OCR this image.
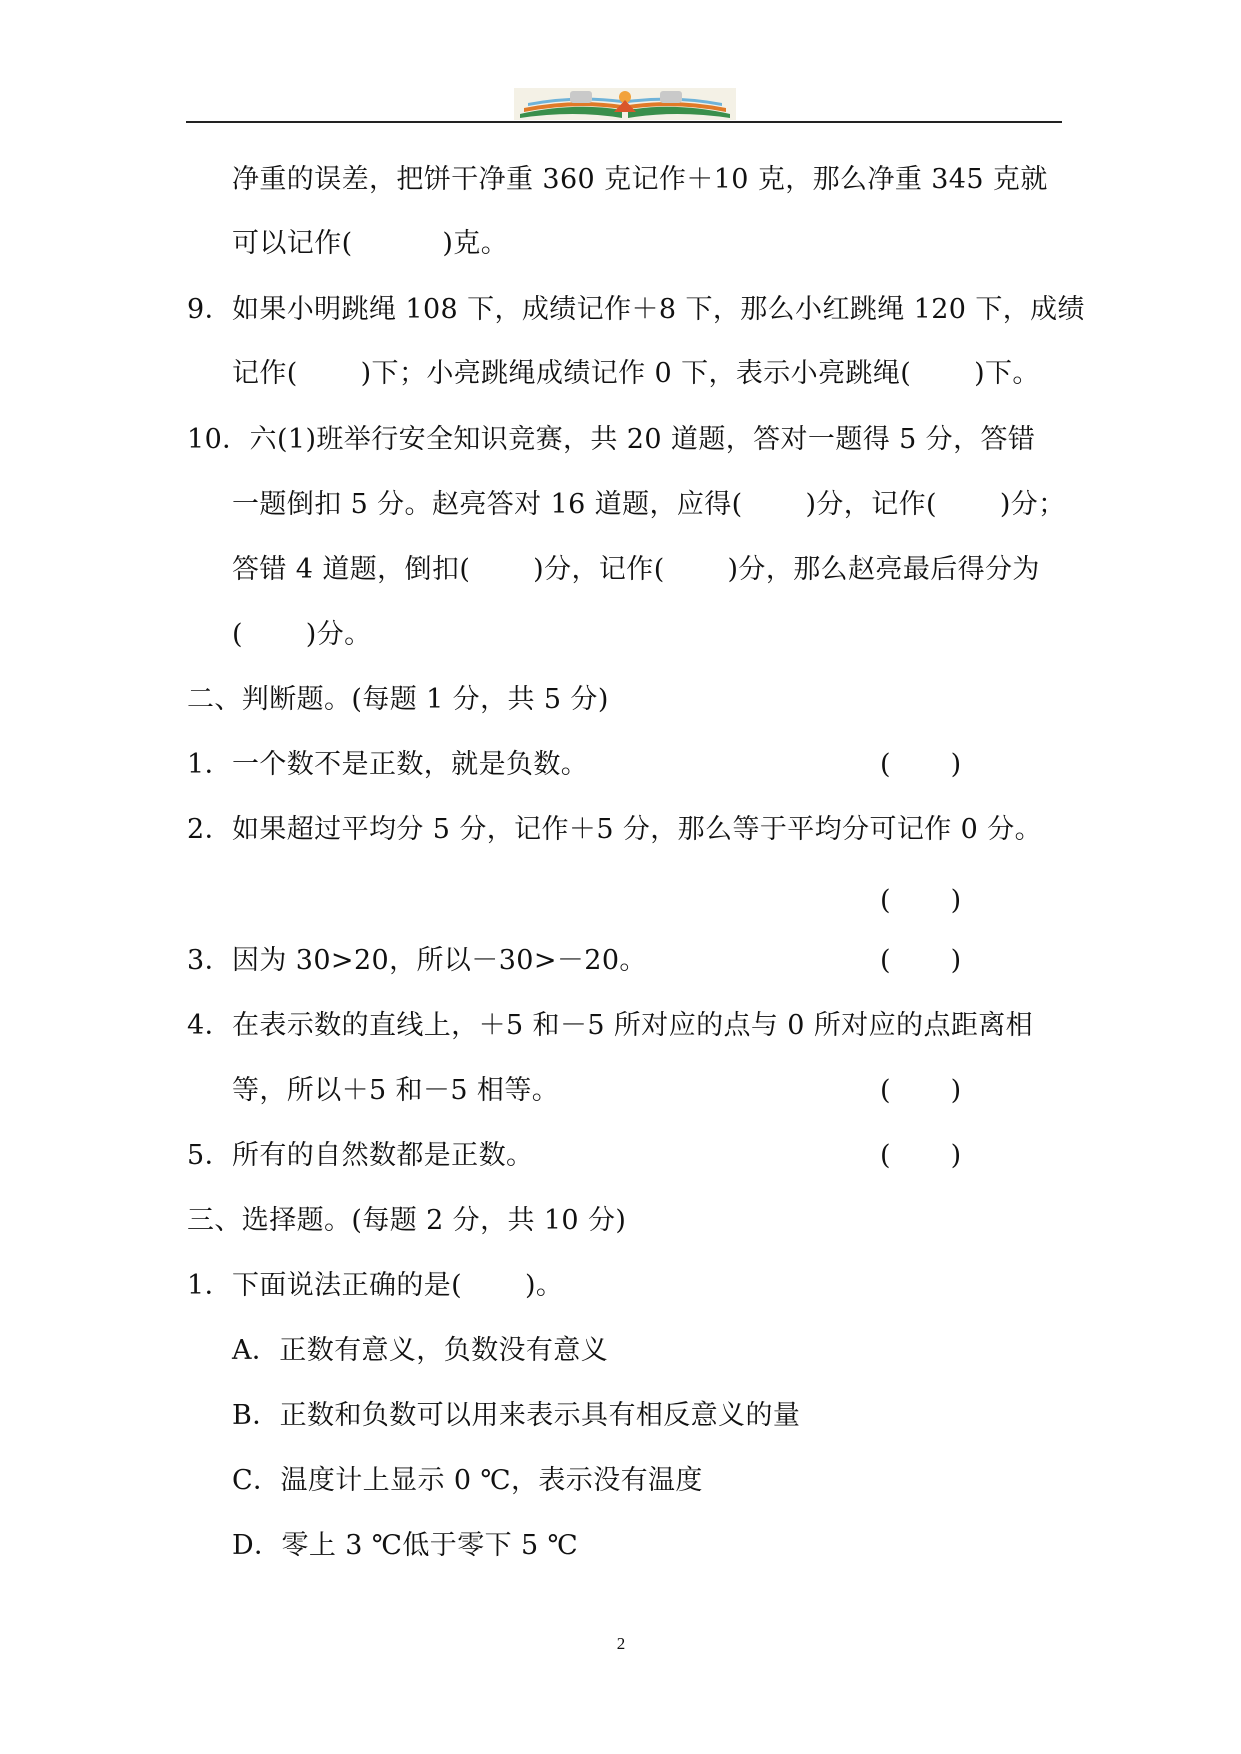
净重的误差，把饼干净重 360 克记作＋10 克，那么净重 345 克就
可以记作(          )克。
9．如果小明跳绳 108 下，成绩记作＋8 下，那么小红跳绳 120 下，成绩
记作(       )下；小亮跳绳成绩记作 0 下，表示小亮跳绳(       )下。
10．六(1)班举行安全知识竞赛，共 20 道题，答对一题得 5 分，答错
一题倒扣 5 分。赵亮答对 16 道题，应得(       )分，记作(       )分；
答错 4 道题，倒扣(       )分，记作(       )分，那么赵亮最后得分为
(       )分。
二、判断题。(每题 1 分，共 5 分)
1．一个数不是正数，就是负数。	(       )
2．如果超过平均分 5 分，记作＋5 分，那么等于平均分可记作 0 分。
(       )
3．因为 30>20，所以－30>－20。	(       )
4．在表示数的直线上，＋5 和－5 所对应的点与 0 所对应的点距离相
等，所以＋5 和－5 相等。	(       )
5．所有的自然数都是正数。	(       )
三、选择题。(每题 2 分，共 10 分)
1．下面说法正确的是(       )。
A．正数有意义，负数没有意义
B．正数和负数可以用来表示具有相反意义的量
C．温度计上显示 0 ℃，表示没有温度
D．零上 3 ℃低于零下 5 ℃
2
